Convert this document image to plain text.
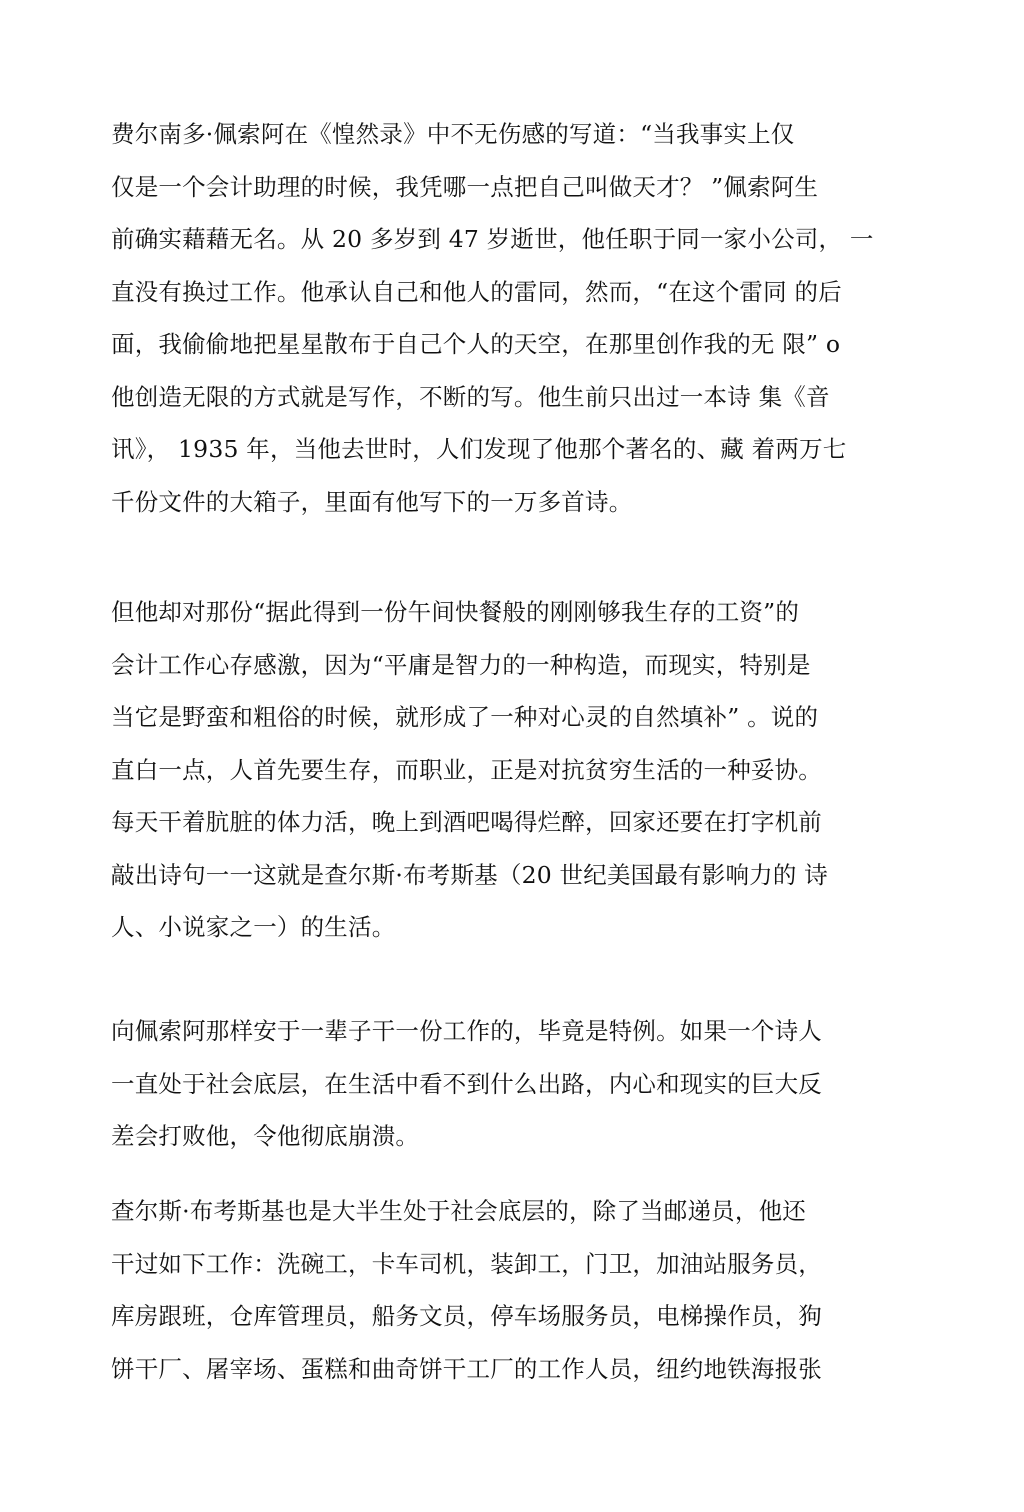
费尔南多·佩索阿在《惶然录》中不无伤感的写道：“当我事实上仅
仅是一个会计助理的时候，我凭哪一点把自己叫做天才？ ”佩索阿生
前确实藉藉无名。从 20 多岁到 47 岁逝世，他任职于同一家小公司， 一
直没有换过工作。他承认自己和他人的雷同，然而，“在这个雷同 的后
面，我偷偷地把星星散布于自己个人的天空，在那里创作我的无 限” o
他创造无限的方式就是写作，不断的写。他生前只出过一本诗 集《音
讯》， 1935 年，当他去世时，人们发现了他那个著名的、藏 着两万七
千份文件的大箱子，里面有他写下的一万多首诗。
但他却对那份“据此得到一份午间快餐般的刚刚够我生存的工资”的
会计工作心存感激，因为“平庸是智力的一种构造，而现实，特别是
当它是野蛮和粗俗的时候，就形成了一种对心灵的自然填补” 。说的
直白一点，人首先要生存，而职业，正是对抗贫穷生活的一种妥协。
每天干着肮脏的体力活，晚上到酒吧喝得烂醉，回家还要在打字机前
敲出诗句一一这就是查尔斯·布考斯基（20 世纪美国最有影响力的 诗
人、小说家之一）的生活。
向佩索阿那样安于一辈子干一份工作的，毕竟是特例。如果一个诗人
一直处于社会底层，在生活中看不到什么出路，内心和现实的巨大反
差会打败他，令他彻底崩溃。
查尔斯·布考斯基也是大半生处于社会底层的，除了当邮递员，他还
干过如下工作：洗碗工，卡车司机，装卸工，门卫，加油站服务员，
库房跟班，仓库管理员，船务文员，停车场服务员，电梯操作员，狗
饼干厂、屠宰场、蛋糕和曲奇饼干工厂的工作人员，纽约地铁海报张
